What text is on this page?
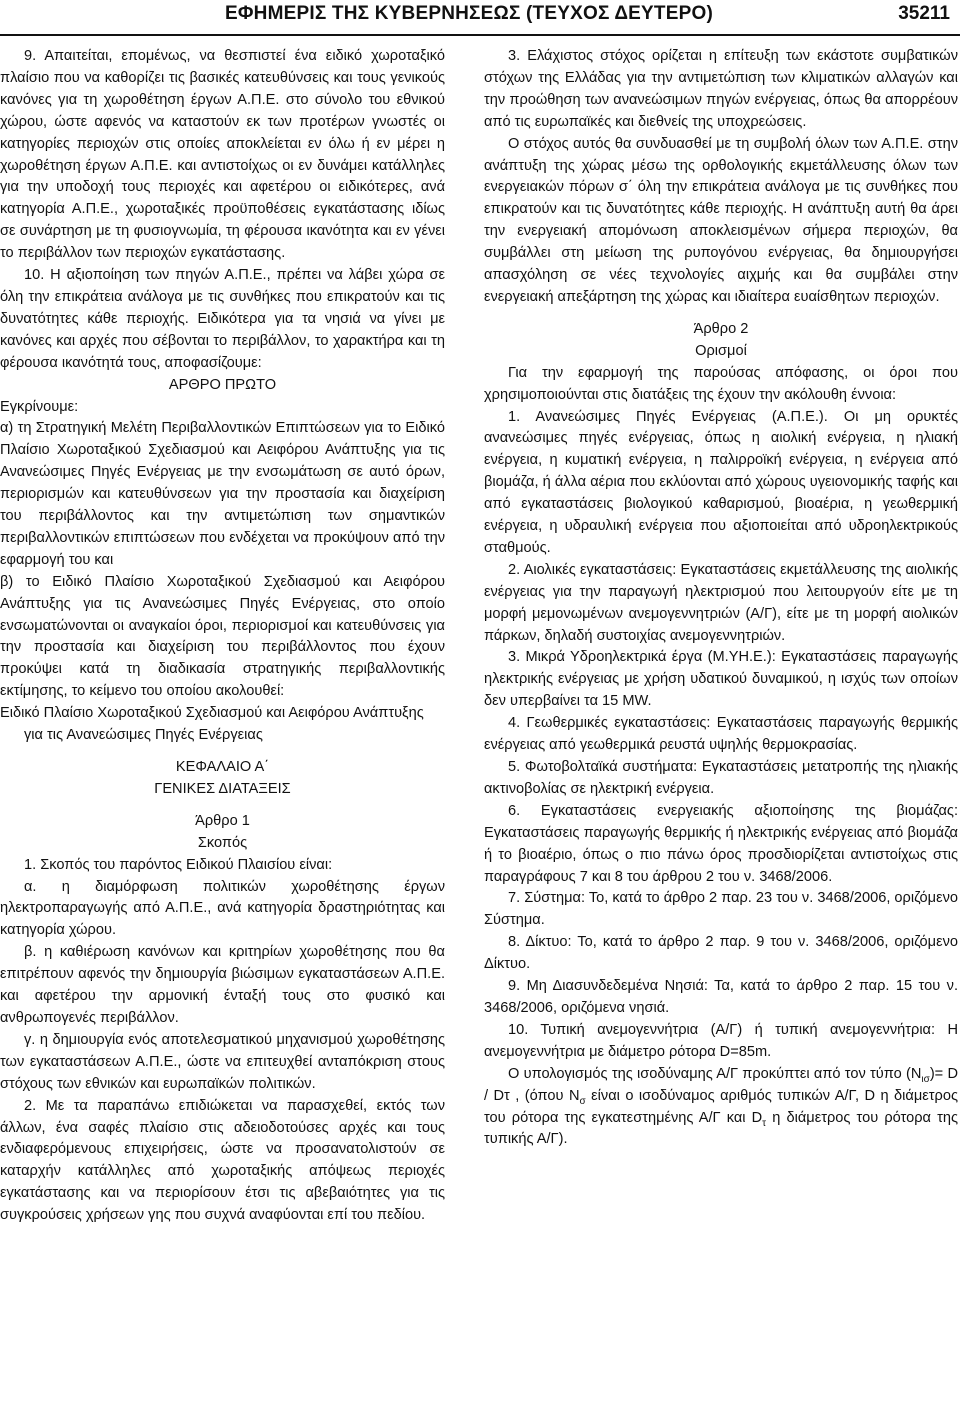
ΕΦΗΜΕΡΙΣ ΤΗΣ ΚΥΒΕΡΝΗΣΕΩΣ (ΤΕΥΧΟΣ ΔΕΥΤΕΡΟ)	35211

9. Απαιτείται, επομένως, να θεσπιστεί ένα ειδικό χωροταξικό πλαίσιο που να καθορίζει τις βασικές κατευθύνσεις και τους γενικούς κανόνες για τη χωροθέτηση έργων Α.Π.Ε. στο σύνολο του εθνικού χώρου, ώστε αφενός να καταστούν εκ των προτέρων γνωστές οι κατηγορίες περιοχών στις οποίες αποκλείεται εν όλω ή εν μέρει η χωροθέτηση έργων Α.Π.Ε. και αντιστοίχως οι εν δυνάμει κατάλληλες για την υποδοχή τους περιοχές και αφετέρου οι ειδικότερες, ανά κατηγορία Α.Π.Ε., χωροταξικές προϋποθέσεις εγκατάστασης ιδίως σε συνάρτηση με τη φυσιογνωμία, τη φέρουσα ικανότητα και εν γένει το περιβάλλον των περιοχών εγκατάστασης.

10. Η αξιοποίηση των πηγών Α.Π.Ε., πρέπει να λάβει χώρα σε όλη την επικράτεια ανάλογα με τις συνθήκες που επικρατούν και τις δυνατότητες κάθε περιοχής. Ειδικότερα για τα νησιά να γίνει με κανόνες και αρχές που σέβονται το περιβάλλον, το χαρακτήρα και τη φέρουσα ικανότητά τους, αποφασίζουμε:

ΑΡΘΡΟ ΠΡΩΤΟ

Εγκρίνουμε:

α) τη Στρατηγική Μελέτη Περιβαλλοντικών Επιπτώσεων για το Ειδικό Πλαίσιο Χωροταξικού Σχεδιασμού και Αειφόρου Ανάπτυξης για τις Ανανεώσιμες Πηγές Ενέργειας με την ενσωμάτωση σε αυτό όρων, περιορισμών και κατευθύνσεων για την προστασία και διαχείριση του περιβάλλοντος και την αντιμετώπιση των σημαντικών περιβαλλοντικών επιπτώσεων που ενδέχεται να προκύψουν από την εφαρμογή του και

β) το Ειδικό Πλαίσιο Χωροταξικού Σχεδιασμού και Αειφόρου Ανάπτυξης για τις Ανανεώσιμες Πηγές Ενέργειας, στο οποίο ενσωματώνονται οι αναγκαίοι όροι, περιορισμοί και κατευθύνσεις για την προστασία και διαχείριση του περιβάλλοντος που έχουν προκύψει κατά τη διαδικασία στρατηγικής περιβαλλοντικής εκτίμησης, το κείμενο του οποίου ακολουθεί:

Ειδικό Πλαίσιο Χωροταξικού Σχεδιασμού και Αειφόρου Ανάπτυξης

για τις Ανανεώσιμες Πηγές Ενέργειας

ΚΕΦΑΛΑΙΟ Α΄

ΓΕΝΙΚΕΣ ΔΙΑΤΑΞΕΙΣ

Άρθρο 1

Σκοπός

1. Σκοπός του παρόντος Ειδικού Πλαισίου είναι:

α. η διαμόρφωση πολιτικών χωροθέτησης έργων ηλεκτροπαραγωγής από Α.Π.Ε., ανά κατηγορία δραστηριότητας και κατηγορία χώρου.

β. η καθιέρωση κανόνων και κριτηρίων χωροθέτησης που θα επιτρέπουν αφενός την δημιουργία βιώσιμων εγκαταστάσεων Α.Π.Ε. και αφετέρου την αρμονική ένταξή τους στο φυσικό και ανθρωπογενές περιβάλλον.

γ. η δημιουργία ενός αποτελεσματικού μηχανισμού χωροθέτησης των εγκαταστάσεων Α.Π.Ε., ώστε να επιτευχθεί ανταπόκριση στους στόχους των εθνικών και ευρωπαϊκών πολιτικών.

2. Με τα παραπάνω επιδιώκεται να παρασχεθεί, εκτός των άλλων, ένα σαφές πλαίσιο στις αδειοδοτούσες αρχές και τους ενδιαφερόμενους επιχειρήσεις, ώστε να προσανατολιστούν σε καταρχήν κατάλληλες από χωροταξικής απόψεως περιοχές εγκατάστασης και να περιορίσουν έτσι τις αβεβαιότητες για τις συγκρούσεις χρήσεων γης που συχνά αναφύονται επί του πεδίου.

3. Ελάχιστος στόχος ορίζεται η επίτευξη των εκάστοτε συμβατικών στόχων της Ελλάδας για την αντιμετώπιση των κλιματικών αλλαγών και την προώθηση των ανανεώσιμων πηγών ενέργειας, όπως θα απορρέουν από τις ευρωπαϊκές και διεθνείς της υποχρεώσεις.

Ο στόχος αυτός θα συνδυασθεί με τη συμβολή όλων των Α.Π.Ε. στην ανάπτυξη της χώρας μέσω της ορθολογικής εκμετάλλευσης όλων των ενεργειακών πόρων σ΄ όλη την επικράτεια ανάλογα με τις συνθήκες που επικρατούν και τις δυνατότητες κάθε περιοχής. Η ανάπτυξη αυτή θα άρει την ενεργειακή απομόνωση αποκλεισμένων σήμερα περιοχών, θα συμβάλλει στη μείωση της ρυπογόνου ενέργειας, θα δημιουργήσει απασχόληση σε νέες τεχνολογίες αιχμής και θα συμβάλει στην ενεργειακή απεξάρτηση της χώρας και ιδιαίτερα ευαίσθητων περιοχών.

Άρθρο 2

Ορισμοί

Για την εφαρμογή της παρούσας απόφασης, οι όροι που χρησιμοποιούνται στις διατάξεις της έχουν την ακόλουθη έννοια:

1. Ανανεώσιμες Πηγές Ενέργειας (Α.Π.Ε.). Οι μη ορυκτές ανανεώσιμες πηγές ενέργειας, όπως η αιολική ενέργεια, η ηλιακή ενέργεια, η κυματική ενέργεια, η παλιρροϊκή ενέργεια, η ενέργεια από βιομάζα, ή άλλα αέρια που εκλύονται από χώρους υγειονομικής ταφής και από εγκαταστάσεις βιολογικού καθαρισμού, βιοαέρια, η γεωθερμική ενέργεια, η υδραυλική ενέργεια που αξιοποιείται από υδροηλεκτρικούς σταθμούς.

2. Αιολικές εγκαταστάσεις: Εγκαταστάσεις εκμετάλλευσης της αιολικής ενέργειας για την παραγωγή ηλεκτρισμού που λειτουργούν είτε με τη μορφή μεμονωμένων ανεμογεννητριών (Α/Γ), είτε με τη μορφή αιολικών πάρκων, δηλαδή συστοιχίας ανεμογεννητριών.

3. Μικρά Υδροηλεκτρικά έργα (Μ.ΥΗ.Ε.): Εγκαταστάσεις παραγωγής ηλεκτρικής ενέργειας με χρήση υδατικού δυναμικού, η ισχύς των οποίων δεν υπερβαίνει τα 15 MW.

4. Γεωθερμικές εγκαταστάσεις: Εγκαταστάσεις παραγωγής θερμικής ενέργειας από γεωθερμικά ρευστά υψηλής θερμοκρασίας.

5. Φωτοβολταϊκά συστήματα: Εγκαταστάσεις μετατροπής της ηλιακής ακτινοβολίας σε ηλεκτρική ενέργεια.

6. Εγκαταστάσεις ενεργειακής αξιοποίησης της βιομάζας: Εγκαταστάσεις παραγωγής θερμικής ή ηλεκτρικής ενέργειας από βιομάζα ή το βιοαέριο, όπως ο πιο πάνω όρος προσδιορίζεται αντιστοίχως στις παραγράφους 7 και 8 του άρθρου 2 του ν. 3468/2006.

7. Σύστημα: Το, κατά το άρθρο 2 παρ. 23 του ν. 3468/2006, οριζόμενο Σύστημα.

8. Δίκτυο: Το, κατά το άρθρο 2 παρ. 9 του ν. 3468/2006, οριζόμενο Δίκτυο.

9. Μη Διασυνδεδεμένα Νησιά: Τα, κατά το άρθρο 2 παρ. 15 του ν. 3468/2006, οριζόμενα νησιά.

10. Τυπική ανεμογεννήτρια (Α/Γ) ή τυπική ανεμογεννήτρια: Η ανεμογεννήτρια με διάμετρο ρότορα D=85m.

Ο υπολογισμός της ισοδύναμης Α/Γ προκύπτει από τον τύπο $(N_{\iota\sigma})= D / D\tau$ , (όπου $N_\sigma$ είναι ο ισοδύναμος αριθμός τυπικών Α/Γ, D η διάμετρος του ρότορα της εγκατεστημένης Α/Γ και $D_\tau$ η διάμετρος του ρότορα της τυπικής Α/Γ).
